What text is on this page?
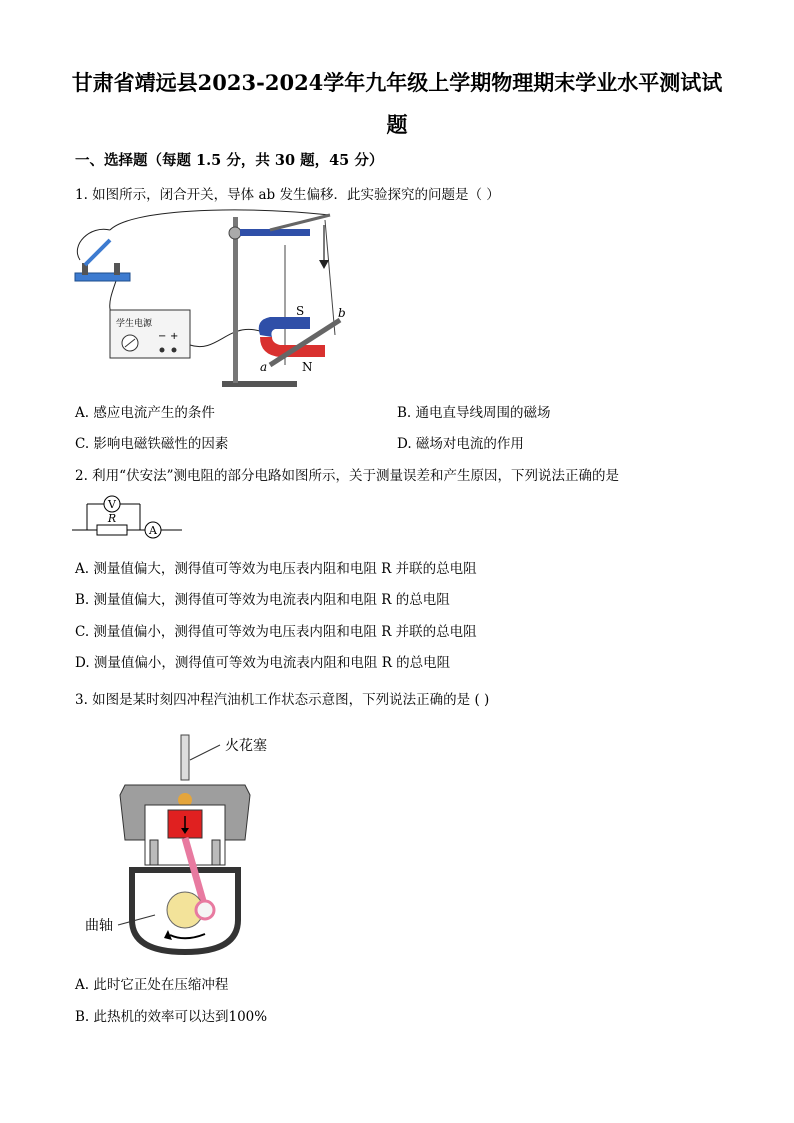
甘肃省靖远县2023-2024学年九年级上学期物理期末学业水平测试试
题
一、选择题（每题 1.5 分，共 30 题，45 分）
1. 如图所示，闭合开关，导体 ab 发生偏移．此实验探究的问题是（ ）
学生电源
− +
S
N
a
b
A. 感应电流产生的条件	B. 通电直导线周围的磁场
C. 影响电磁铁磁性的因素	D. 磁场对电流的作用
2. 利用“伏安法”测电阻的部分电路如图所示，关于测量误差和产生原因，下列说法正确的是
V
R
A
A. 测量值偏大，测得值可等效为电压表内阻和电阻 R 并联的总电阻
B. 测量值偏大，测得值可等效为电流表内阻和电阻 R 的总电阻
C. 测量值偏小，测得值可等效为电压表内阻和电阻 R 并联的总电阻
D. 测量值偏小，测得值可等效为电流表内阻和电阻 R 的总电阻
3. 如图是某时刻四冲程汽油机工作状态示意图，下列说法正确的是 ( )
火花塞
曲轴
A. 此时它正处在压缩冲程
B. 此热机的效率可以达到100%
